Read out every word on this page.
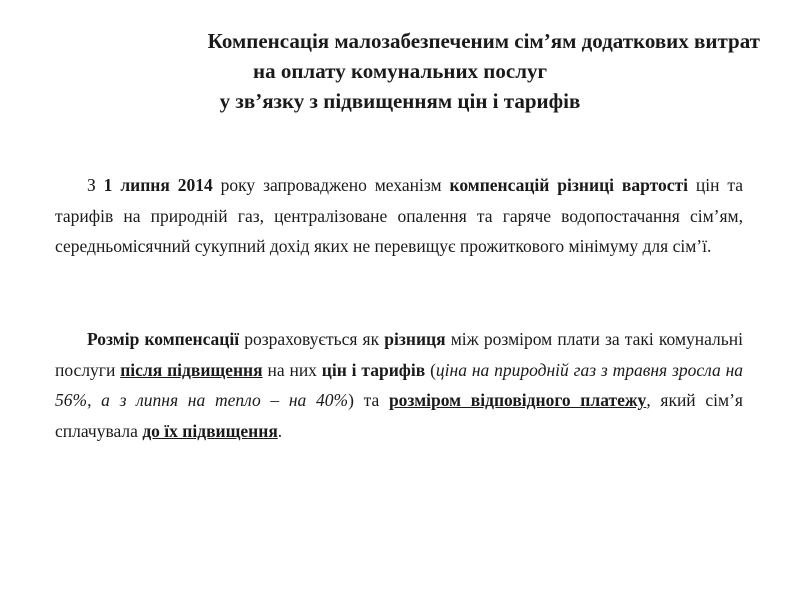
Компенсація малозабезпеченим сім’ям додаткових витрат
на оплату комунальних послуг
у зв’язку з підвищенням цін і тарифів

З 1 липня 2014 року запроваджено механізм компенсацій різниці вартості цін та тарифів на природній газ, централізоване опалення та гаряче водопостачання сім’ям, середньомісячний сукупний дохід яких не перевищує прожиткового мінімуму для сім’ї.

Розмір компенсації розраховується як різниця між розміром плати за такі комунальні послуги після підвищення на них цін і тарифів (ціна на природній газ з травня зросла на 56%, а з липня на тепло – на 40%) та розміром відповідного платежу, який сім’я сплачувала до їх підвищення.
